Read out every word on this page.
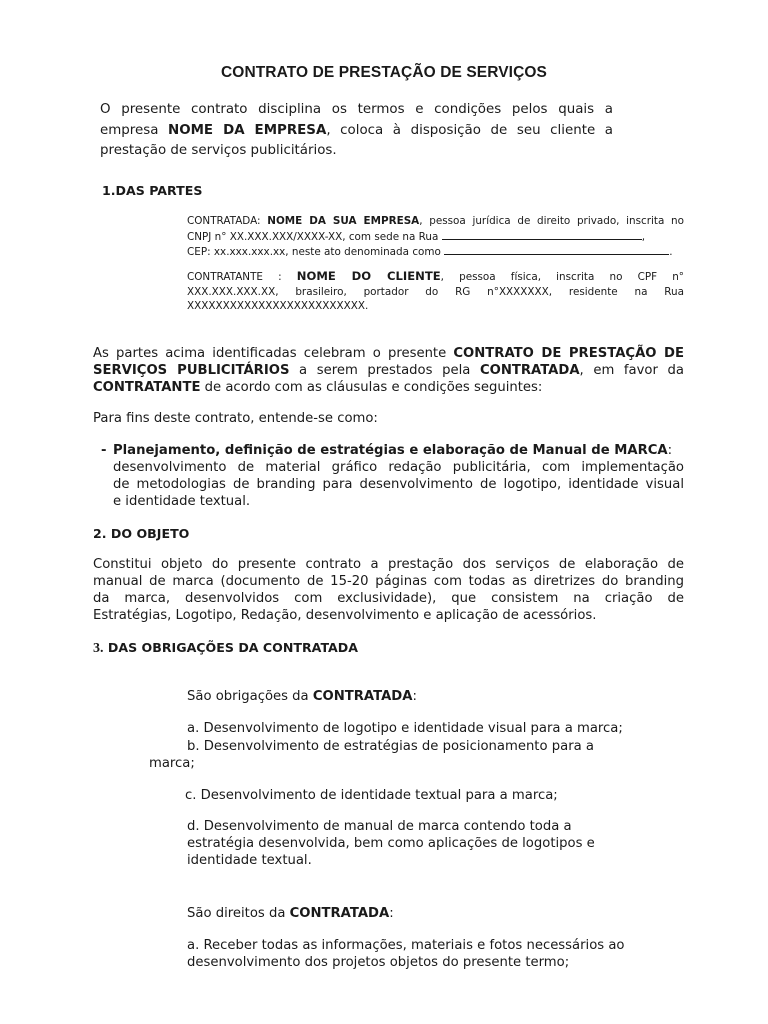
CONTRATO DE PRESTAÇÃO DE SERVIÇOS
O presente contrato disciplina os termos e condições pelos quais a
empresa NOME DA EMPRESA, coloca à disposição de seu cliente a
prestação de serviços publicitários.
1.DAS PARTES
CONTRATADA: NOME DA SUA EMPRESA, pessoa jurídica de direito privado, inscrita no
CNPJ n° XX.XXX.XXX/XXXX-XX, com sede na Rua	,
CEP: xx.xxx.xxx.xx, neste ato denominada como	.
CONTRATANTE : NOME DO CLIENTE, pessoa física, inscrita no CPF n°
XXX.XXX.XXX.XX, brasileiro, portador do RG n°XXXXXXX, residente na Rua
XXXXXXXXXXXXXXXXXXXXXXXXX.
As partes acima identificadas celebram o presente CONTRATO DE PRESTAÇÃO DE
SERVIÇOS PUBLICITÁRIOS a serem prestados pela CONTRATADA, em favor da
CONTRATANTE de acordo com as cláusulas e condições seguintes:
Para fins deste contrato, entende-se como:
- Planejamento, definição de estratégias e elaboração de Manual de MARCA:
desenvolvimento de material gráfico redação publicitária, com implementação
de metodologias de branding para desenvolvimento de logotipo, identidade visual
e identidade textual.
2. DO OBJETO
Constitui objeto do presente contrato a prestação dos serviços de elaboração de
manual de marca (documento de 15-20 páginas com todas as diretrizes do branding
da marca, desenvolvidos com exclusividade), que consistem na criação de
Estratégias, Logotipo, Redação, desenvolvimento e aplicação de acessórios.
3. DAS OBRIGAÇÕES DA CONTRATADA
São obrigações da CONTRATADA:
a. Desenvolvimento de logotipo e identidade visual para a marca;
b. Desenvolvimento de estratégias de posicionamento para a
marca;
c. Desenvolvimento de identidade textual para a marca;
d. Desenvolvimento de manual de marca contendo toda a
estratégia desenvolvida, bem como aplicações de logotipos e
identidade textual.
São direitos da CONTRATADA:
a. Receber todas as informações, materiais e fotos necessários ao
desenvolvimento dos projetos objetos do presente termo;
